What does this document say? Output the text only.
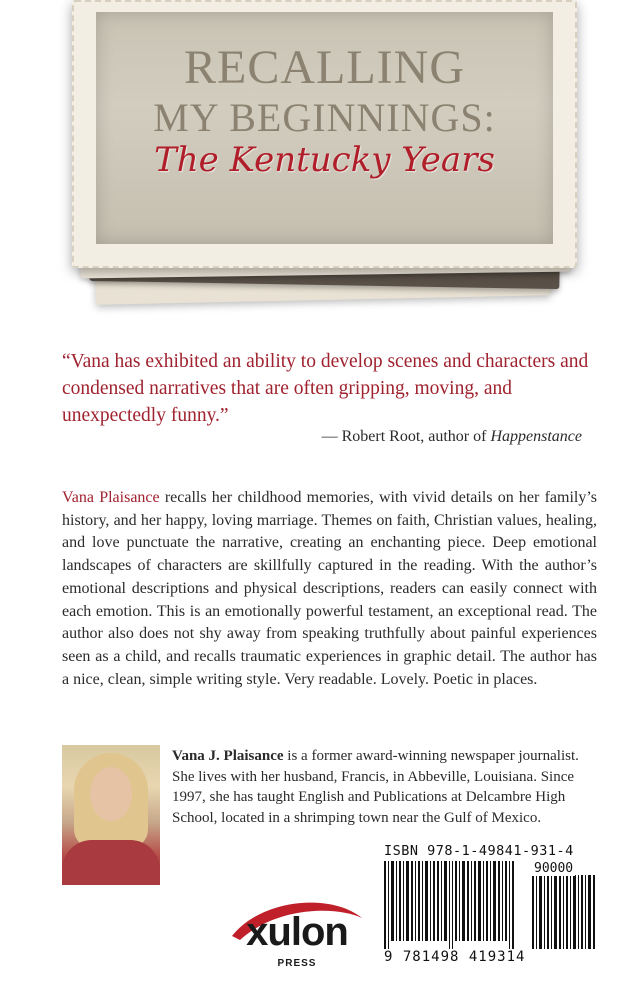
RECALLING
MY BEGINNINGS:
The Kentucky Years
“Vana has exhibited an ability to develop scenes and characters and condensed narratives that are often gripping, moving, and unexpectedly funny.”
— Robert Root, author of Happenstance
Vana Plaisance recalls her childhood memories, with vivid details on her family’s history, and her happy, loving marriage. Themes on faith, Christian values, healing, and love punctuate the narrative, creating an enchanting piece. Deep emotional landscapes of characters are skillfully captured in the reading. With the author’s emotional descriptions and physical descriptions, readers can easily connect with each emotion. This is an emotionally powerful testament, an exceptional read. The author also does not shy away from speaking truthfully about painful experiences seen as a child, and recalls traumatic experiences in graphic detail. The author has a nice, clean, simple writing style. Very readable. Lovely. Poetic in places.
Vana J. Plaisance is a former award-winning newspaper journalist. She lives with her husband, Francis, in Abbeville, Louisiana. Since 1997, she has taught English and Publications at Delcambre High School, located in a shrimping town near the Gulf of Mexico.
ISBN 978-1-49841-931-4
90000
9 781498 419314
xulon
PRESS
